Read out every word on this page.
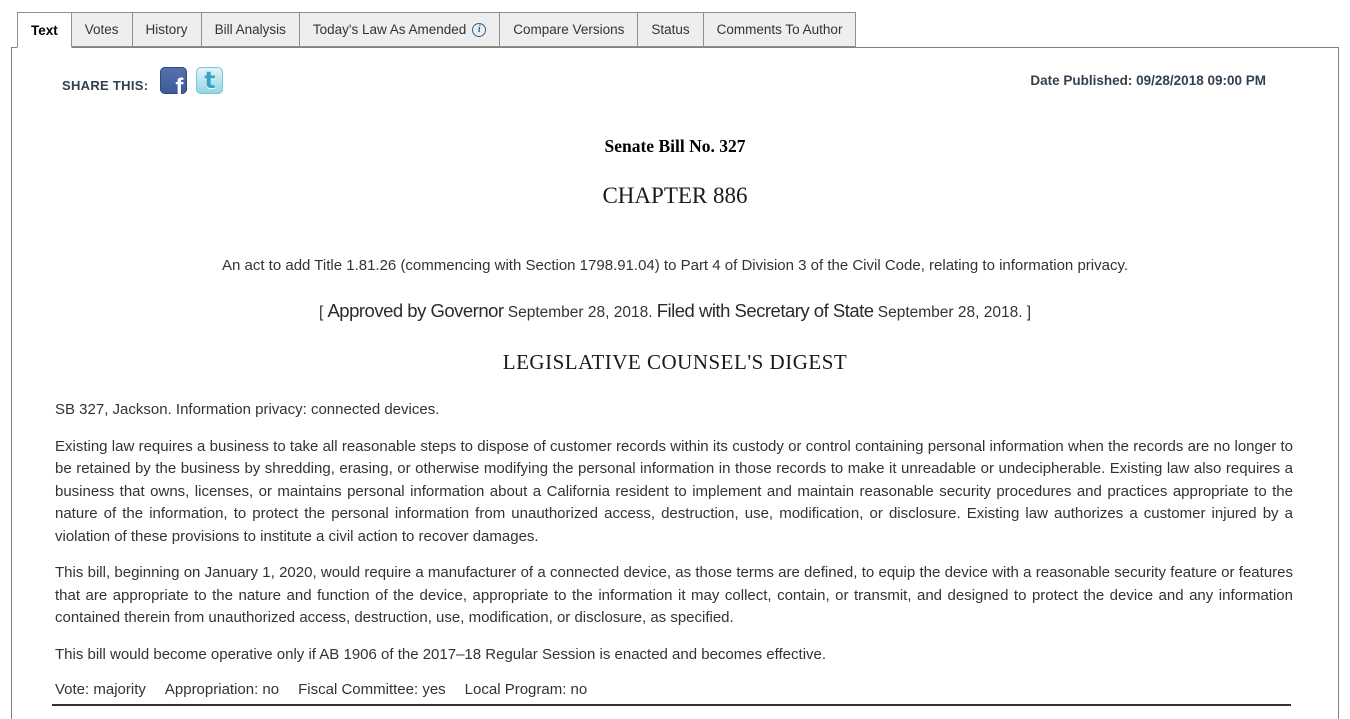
Text Votes History Bill Analysis Today's Law As Amended	i	Compare Versions Status Comments To Author
SHARE THIS: f t	Date Published: 09/28/2018 09:00 PM
Senate Bill No. 327
CHAPTER 886
An act to add Title 1.81.26 (commencing with Section 1798.91.04) to Part 4 of Division 3 of the Civil Code, relating to information privacy.
[ Approved by Governor September 28, 2018. Filed with Secretary of State September 28, 2018. ]
LEGISLATIVE COUNSEL'S DIGEST

SB 327, Jackson. Information privacy: connected devices.

Existing law requires a business to take all reasonable steps to dispose of customer records within its custody or control containing personal information when the records are no longer to be retained by the business by shredding, erasing, or otherwise modifying the personal information in those records to make it unreadable or undecipherable. Existing law also requires a business that owns, licenses, or maintains personal information about a California resident to implement and maintain reasonable security procedures and practices appropriate to the nature of the information, to protect the personal information from unauthorized access, destruction, use, modification, or disclosure. Existing law authorizes a customer injured by a violation of these provisions to institute a civil action to recover damages.

This bill, beginning on January 1, 2020, would require a manufacturer of a connected device, as those terms are defined, to equip the device with a reasonable security feature or features that are appropriate to the nature and function of the device, appropriate to the information it may collect, contain, or transmit, and designed to protect the device and any information contained therein from unauthorized access, destruction, use, modification, or disclosure, as specified.

This bill would become operative only if AB 1906 of the 2017–18 Regular Session is enacted and becomes effective.

Vote: majority Appropriation: no Fiscal Committee: yes Local Program: no
